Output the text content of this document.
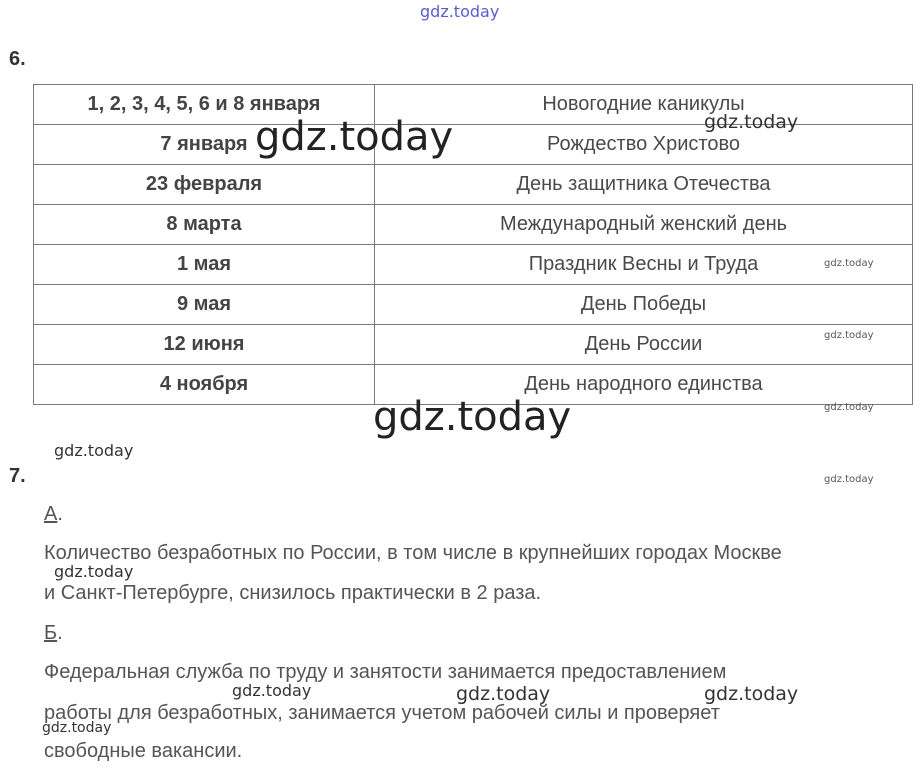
gdz.today
6.
1, 2, 3, 4, 5, 6 и 8 января	Новогодние каникулы
7 января	Рождество Христово
23 февраля	День защитника Отечества
8 марта	Международный женский день
1 мая	Праздник Весны и Труда
9 мая	День Победы
12 июня	День России
4 ноября	День народного единства
7.
А.
Количество безработных по России, в том числе в крупнейших городах Москве
и Санкт-Петербурге, снизилось практически в 2 раза.
Б.
Федеральная служба по труду и занятости занимается предоставлением
работы для безработных, занимается учетом рабочей силы и проверяет
свободные вакансии.
gdz.today
gdz.today
gdz.today
gdz.today	gdz.today
gdz.today
gdz.today
gdz.today
gdz.today
gdz.today
gdz.today
gdz.today
gdz.today
